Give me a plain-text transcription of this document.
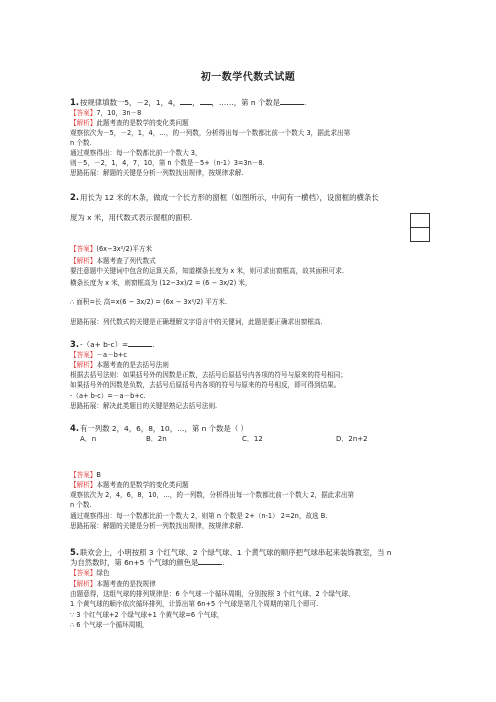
初一数学代数式试题
1.按规律填数一5，－2，1，4， ， ，……，第 n 个数是	.
【答案】7，10，3n－8
【解析】此题考查的是数学的变化类问题
观察依次为－5，－2，1，4，…，的一列数，分析得出每一个数都比前一个数大 3，据此求出第
n 个数.
通过观察得出：每一个数都比前一个数大 3，
则－5，－2，1，4，7，10，第 n 个数是－5+（n-1）3=3n－8.
思路拓展：解题的关键是分析一列数找出规律，按规律求解.
2.用长为 12 米的木条，做成一个长方形的窗框（如图所示，中间有一横档），设窗框的横条长
度为 x 米，用代数式表示窗框的面积.
【答案】(6x−3x²/2)平方米
【解析】本题考查了列代数式
要注意题中关键词中包含的运算关系，知道横条长度为 x 米，则可求出窗框高，故其面积可求.
横条长度为 x 米，则窗框高为 (12−3x)/2 = (6 − 3x/2) 米，
∴ 面积=长 高=x(6 − 3x/2) = (6x − 3x²/2) 平方米.
思路拓展：列代数式的关键是正确理解文字语言中的关键词，此题是要正确求出窗框高.
3.-（a+ b-c）=	.
【答案】－a－b+c
【解析】本题考查的是去括号法则
根据去括号法则：如果括号外的因数是正数，去括号后原括号内各项的符号与原来的符号相同；
如果括号外的因数是负数，去括号后原括号内各项的符号与原来的符号相反，即可得到结果。
-（a+ b-c）=－a－b+c.
思路拓展：解决此类题目的关键是熟记去括号法则.
4.有一列数 2，4，6，8，10，…，第 n 个数是（ ）
A．n	B．2n	C．12	D．2n+2
【答案】B
【解析】本题考查的是数学的变化类问题
观察依次为 2，4，6，8，10，…，的一列数，分析得出每一个数都比前一个数大 2，据此求出第
n 个数.
通过观察得出：每一个数都比前一个数大 2，则第 n 个数是 2+（n-1） 2=2n，故选 B.
思路拓展：解题的关键是分析一列数找出规律，按规律求解.
5.联欢会上，小明按照 3 个红气球、2 个绿气球、1 个黄气球的顺序把气球串起来装饰教室，当 n
为自然数时，第 6n+5 个气球的颜色是	.
【答案】绿色
【解析】本题考查的是找规律
由题意得，这组气球的排列规律是：6 个气球一个循环周期，分别按照 3 个红气球、2 个绿气球、
1 个黄气球的顺序依次循环排列，计算出第 6n+5 个气球是第几个周期的第几个即可.
∵ 3 个红气球+2 个绿气球+1 个黄气球=6 个气球，
∴ 6 个气球一个循环周期，
